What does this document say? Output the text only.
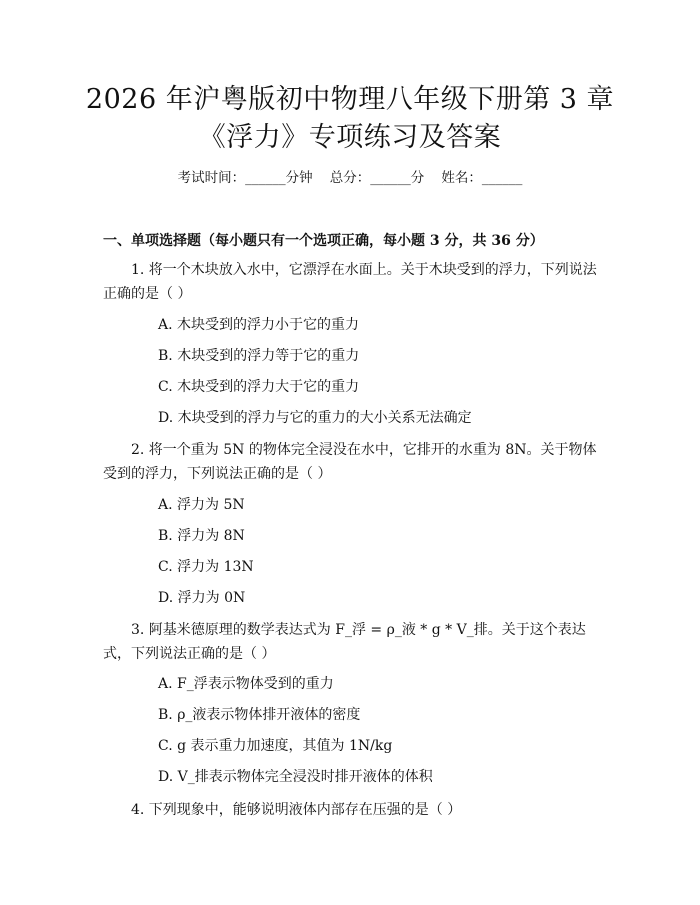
2026 年沪粤版初中物理八年级下册第 3 章
《浮力》专项练习及答案
考试时间：______分钟    总分：______分    姓名：______
一、单项选择题（每小题只有一个选项正确，每小题 3 分，共 36 分）
1. 将一个木块放入水中，它漂浮在水面上。关于木块受到的浮力，下列说法正确的是（ ）
A. 木块受到的浮力小于它的重力
B. 木块受到的浮力等于它的重力
C. 木块受到的浮力大于它的重力
D. 木块受到的浮力与它的重力的大小关系无法确定
2. 将一个重为 5N 的物体完全浸没在水中，它排开的水重为 8N。关于物体受到的浮力，下列说法正确的是（ ）
A. 浮力为 5N
B. 浮力为 8N
C. 浮力为 13N
D. 浮力为 0N
3. 阿基米德原理的数学表达式为 F_浮 = ρ_液 * g * V_排。关于这个表达式，下列说法正确的是（ ）
A. F_浮表示物体受到的重力
B. ρ_液表示物体排开液体的密度
C. g 表示重力加速度，其值为 1N/kg
D. V_排表示物体完全浸没时排开液体的体积
4. 下列现象中，能够说明液体内部存在压强的是（ ）
